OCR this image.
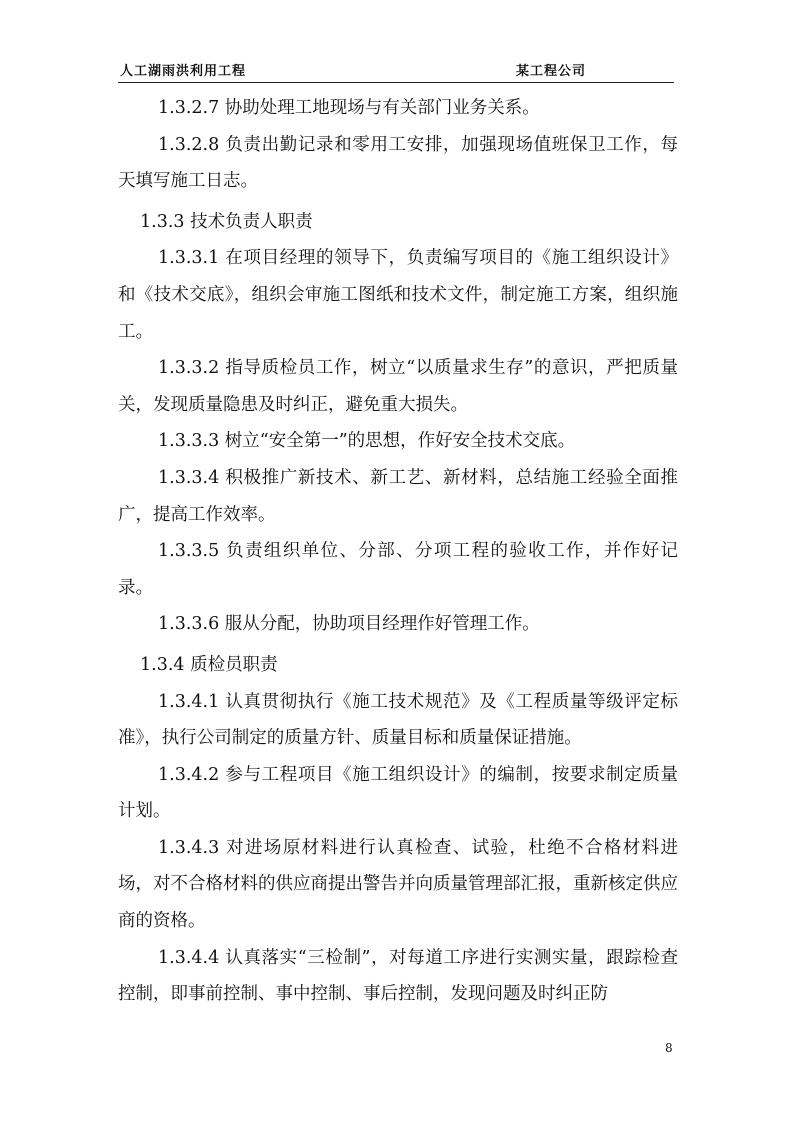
人工湖雨洪利用工程	某工程公司

1.3.2.7 协助处理工地现场与有关部门业务关系。

1.3.2.8 负责出勤记录和零用工安排，加强现场值班保卫工作，每天填写施工日志。

1.3.3 技术负责人职责

1.3.3.1 在项目经理的领导下，负责编写项目的《施工组织设计》和《技术交底》，组织会审施工图纸和技术文件，制定施工方案，组织施工。

1.3.3.2 指导质检员工作，树立“以质量求生存”的意识，严把质量关，发现质量隐患及时纠正，避免重大损失。

1.3.3.3 树立“安全第一”的思想，作好安全技术交底。

1.3.3.4 积极推广新技术、新工艺、新材料，总结施工经验全面推广，提高工作效率。

1.3.3.5 负责组织单位、分部、分项工程的验收工作，并作好记录。

1.3.3.6 服从分配，协助项目经理作好管理工作。

1.3.4 质检员职责

1.3.4.1 认真贯彻执行《施工技术规范》及《工程质量等级评定标准》，执行公司制定的质量方针、质量目标和质量保证措施。

1.3.4.2 参与工程项目《施工组织设计》的编制，按要求制定质量计划。

1.3.4.3 对进场原材料进行认真检查、试验，杜绝不合格材料进场，对不合格材料的供应商提出警告并向质量管理部汇报，重新核定供应商的资格。

1.3.4.4 认真落实“三检制”，对每道工序进行实测实量，跟踪检查控制，即事前控制、事中控制、事后控制，发现问题及时纠正防

8
